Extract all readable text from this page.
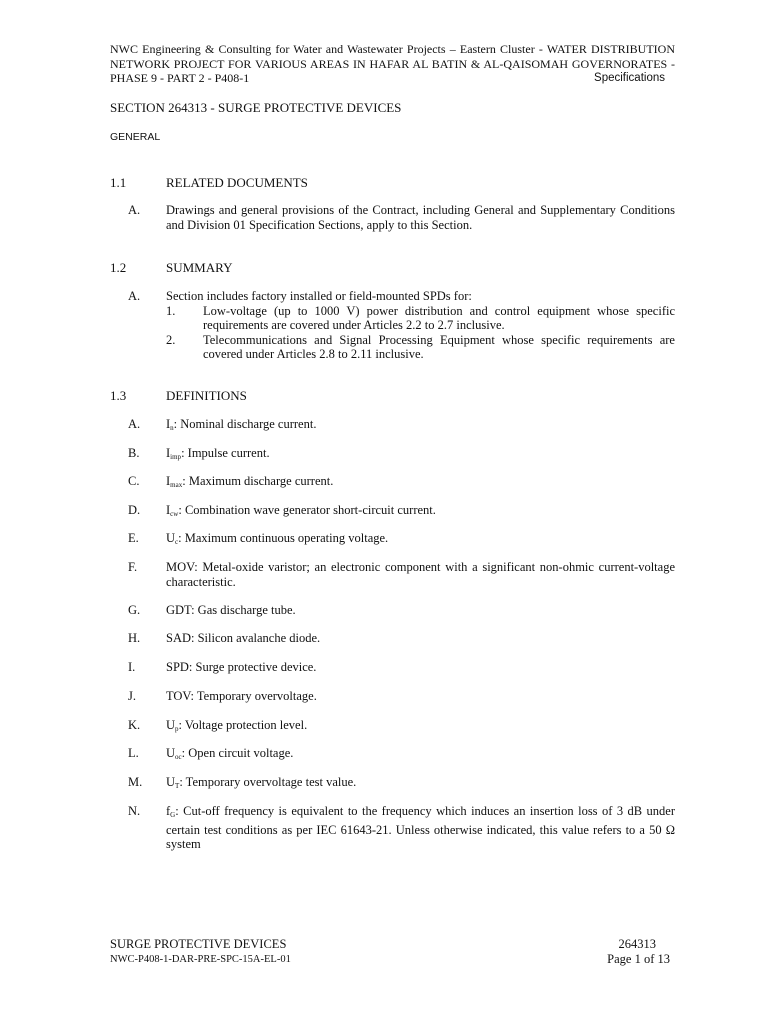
NWC Engineering & Consulting for Water and Wastewater Projects – Eastern Cluster - WATER DISTRIBUTION
NETWORK PROJECT FOR VARIOUS AREAS IN HAFAR AL BATIN & AL-QAISOMAH GOVERNORATES -
PHASE 9 - PART 2 - P408-1	Specifications
SECTION 264313 - SURGE PROTECTIVE DEVICES
GENERAL
1.1	RELATED DOCUMENTS
A. Drawings and general provisions of the Contract, including General and Supplementary Conditions and Division 01 Specification Sections, apply to this Section.
1.2	SUMMARY
A. Section includes factory installed or field-mounted SPDs for:
1. Low-voltage (up to 1000 V) power distribution and control equipment whose specific requirements are covered under Articles 2.2 to 2.7 inclusive.
2. Telecommunications and Signal Processing Equipment whose specific requirements are covered under Articles 2.8 to 2.11 inclusive.
1.3	DEFINITIONS
A. $I_n$: Nominal discharge current.
B. $I_{imp}$: Impulse current.
C. $I_{max}$: Maximum discharge current.
D. $I_{cw}$: Combination wave generator short-circuit current.
E. $U_c$: Maximum continuous operating voltage.
F. MOV: Metal-oxide varistor; an electronic component with a significant non-ohmic current-voltage characteristic.
G. GDT: Gas discharge tube.
H. SAD: Silicon avalanche diode.
I. SPD: Surge protective device.
J. TOV: Temporary overvoltage.
K. $U_p$: Voltage protection level.
L. $U_{oc}$: Open circuit voltage.
M. $U_T$: Temporary overvoltage test value.
N. $f_G$: Cut-off frequency is equivalent to the frequency which induces an insertion loss of 3 dB under certain test conditions as per IEC 61643-21. Unless otherwise indicated, this value refers to a 50 Ω system
SURGE PROTECTIVE DEVICES	264313
NWC-P408-1-DAR-PRE-SPC-15A-EL-01	Page 1 of 13
